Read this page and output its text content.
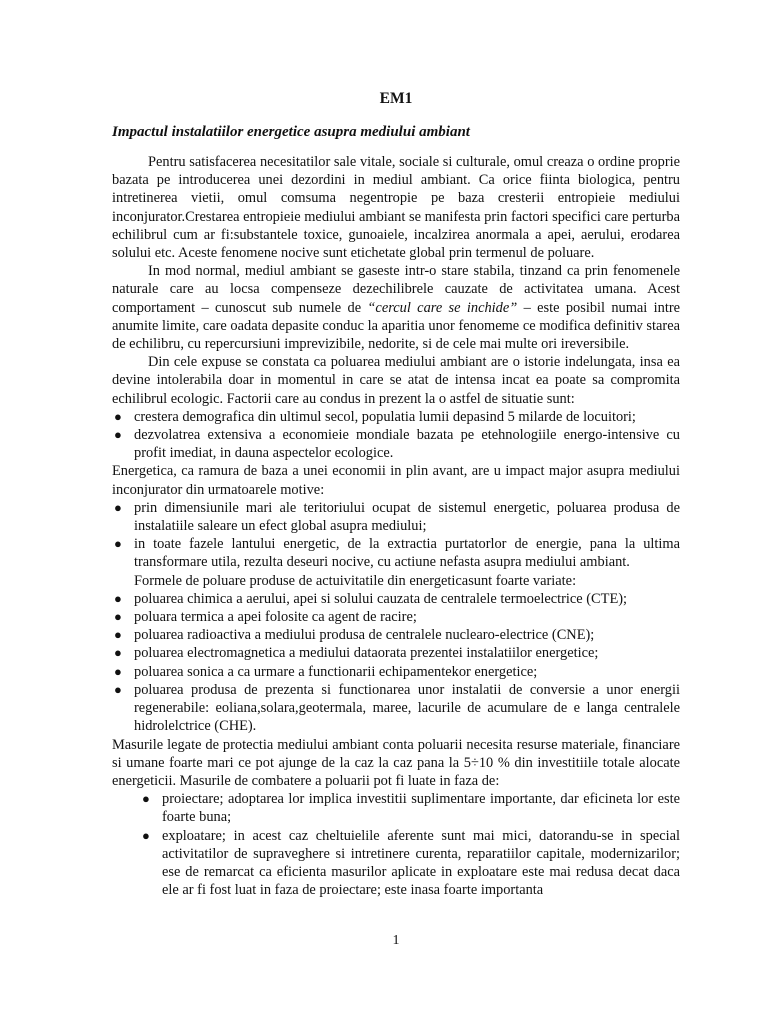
EM1
Impactul instalatiilor energetice asupra mediului ambiant

Pentru satisfacerea necesitatilor sale vitale, sociale si culturale, omul creaza o ordine proprie bazata pe introducerea unei dezordini in mediul ambiant. Ca orice fiinta biologica, pentru intretinerea vietii, omul comsuma negentropie pe baza cresterii entropieie mediului inconjurator.Crestarea entropieie mediului ambiant se manifesta prin factori specifici care perturba echilibrul cum ar fi:substantele toxice, gunoaiele, incalzirea anormala a apei, aerului, erodarea solului etc. Aceste fenomene nocive sunt etichetate global prin termenul de poluare.

In mod normal, mediul ambiant se gaseste intr-o stare stabila, tinzand ca prin fenomenele naturale care au locsa compenseze dezechilibrele cauzate de activitatea umana. Acest comportament – cunoscut sub numele de “cercul care se inchide” – este posibil numai intre anumite limite, care oadata depasite conduc la aparitia unor fenomeme ce modifica definitiv starea de echilibru, cu repercursiuni imprevizibile, nedorite, si de cele mai multe ori ireversibile.

Din cele expuse se constata ca poluarea mediului ambiant are o istorie indelungata, insa ea devine intolerabila doar in momentul in care se atat de intensa incat ea poate sa compromita echilibrul ecologic. Factorii care au condus in prezent la o astfel de situatie sunt:

● crestera demografica din ultimul secol, populatia lumii depasind 5 milarde de locuitori;
● dezvolatrea extensiva a economieie mondiale bazata pe etehnologiile energo-intensive cu profit imediat, in dauna aspectelor ecologice.

Energetica, ca ramura de baza a unei economii in plin avant, are u impact major asupra mediului inconjurator din urmatoarele motive:

● prin dimensiunile mari ale teritoriului ocupat de sistemul energetic, poluarea produsa de instalatiile saleare un efect global asupra mediului;
● in toate fazele lantului energetic, de la extractia purtatorlor de energie, pana la ultima transformare utila, rezulta deseuri nocive, cu actiune nefasta asupra mediului ambiant.

Formele de poluare produse de actuivitatile din energeticasunt foarte variate:

● poluarea chimica a aerului, apei si solului cauzata de centralele termoelectrice (CTE);
● poluara termica a apei folosite ca agent de racire;
● poluarea radioactiva a mediului produsa de centralele nuclearo-electrice (CNE);
● poluarea electromagnetica a mediului dataorata prezentei instalatiilor energetice;
● poluarea sonica a ca urmare a functionarii echipamentekor energetice;
● poluarea produsa de prezenta si functionarea unor instalatii de conversie a unor energii regenerabile: eoliana,solara,geotermala, maree, lacurile de acumulare de e langa centralele hidrolelctrice (CHE).

Masurile legate de protectia mediului ambiant conta poluarii necesita resurse materiale, financiare si umane foarte mari ce pot ajunge de la caz la caz pana la 5÷10 % din investitiile totale alocate energeticii. Masurile de combatere a poluarii pot fi luate in faza de:

● proiectare; adoptarea lor implica investitii suplimentare importante, dar eficineta lor este foarte buna;
● exploatare; in acest caz cheltuielile aferente sunt mai mici, datorandu-se in special activitatilor de supraveghere si intretinere curenta, reparatiilor capitale, modernizarilor; ese de remarcat ca eficienta masurilor aplicate in exploatare este mai redusa decat daca ele ar fi fost luat in faza de proiectare; este inasa foarte importanta
1
